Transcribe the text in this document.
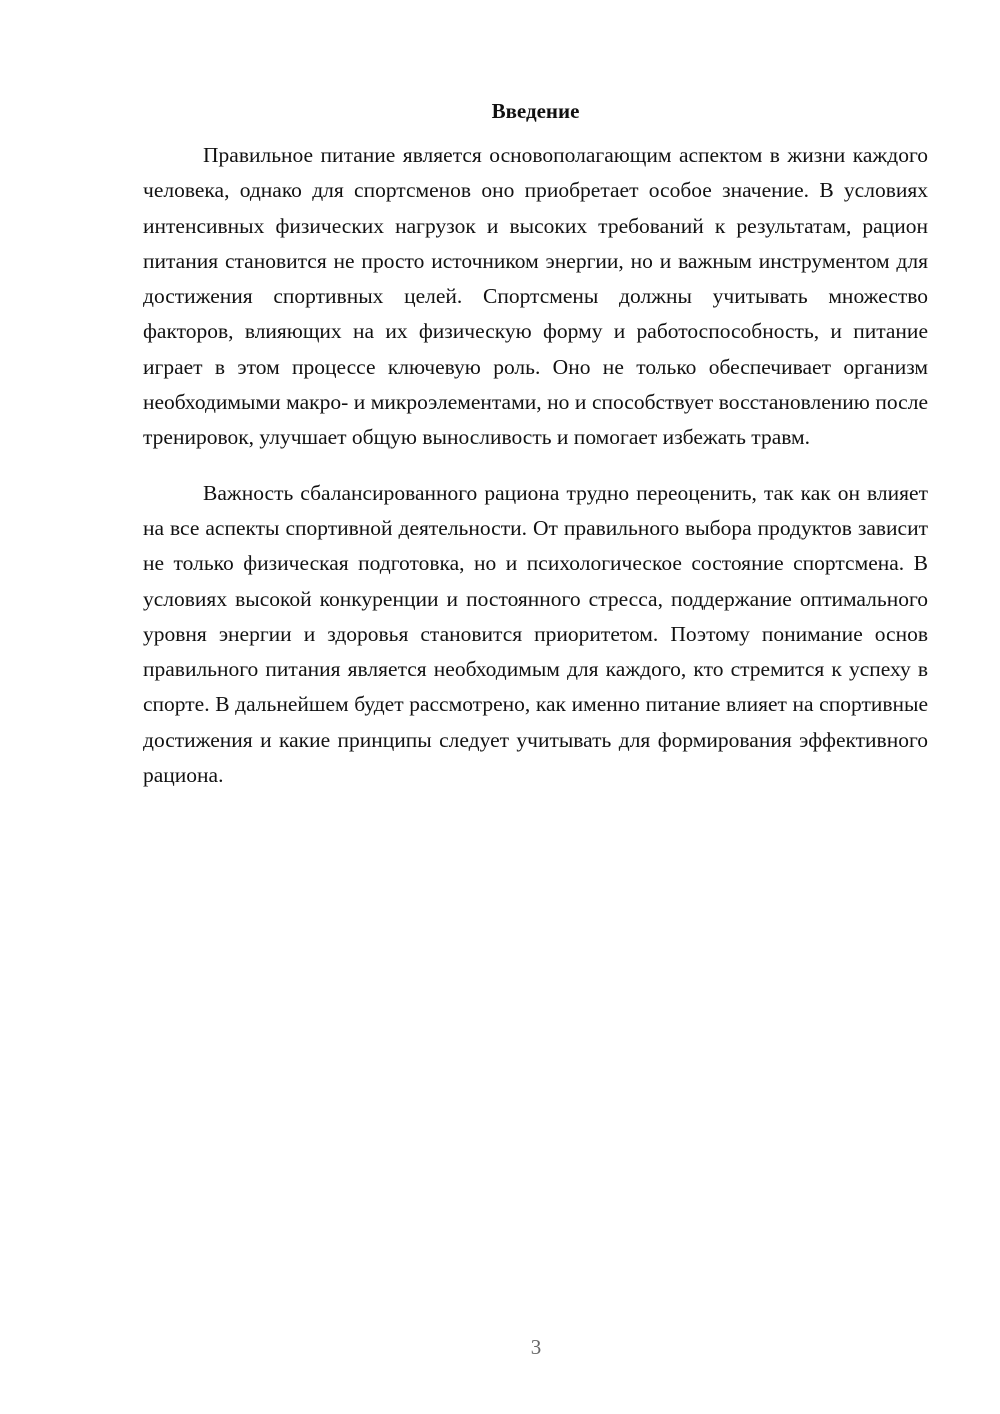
Введение

Правильное питание является основополагающим аспектом в жизни каждого человека, однако для спортсменов оно приобретает особое значение. В условиях интенсивных физических нагрузок и высоких требований к результатам, рацион питания становится не просто источником энергии, но и важным инструментом для достижения спортивных целей. Спортсмены должны учитывать множество факторов, влияющих на их физическую форму и работоспособность, и питание играет в этом процессе ключевую роль. Оно не только обеспечивает организм необходимыми макро- и микроэлементами, но и способствует восстановлению после тренировок, улучшает общую выносливость и помогает избежать травм.

Важность сбалансированного рациона трудно переоценить, так как он влияет на все аспекты спортивной деятельности. От правильного выбора продуктов зависит не только физическая подготовка, но и психологическое состояние спортсмена. В условиях высокой конкуренции и постоянного стресса, поддержание оптимального уровня энергии и здоровья становится приоритетом. Поэтому понимание основ правильного питания является необходимым для каждого, кто стремится к успеху в спорте. В дальнейшем будет рассмотрено, как именно питание влияет на спортивные достижения и какие принципы следует учитывать для формирования эффективного рациона.

3
